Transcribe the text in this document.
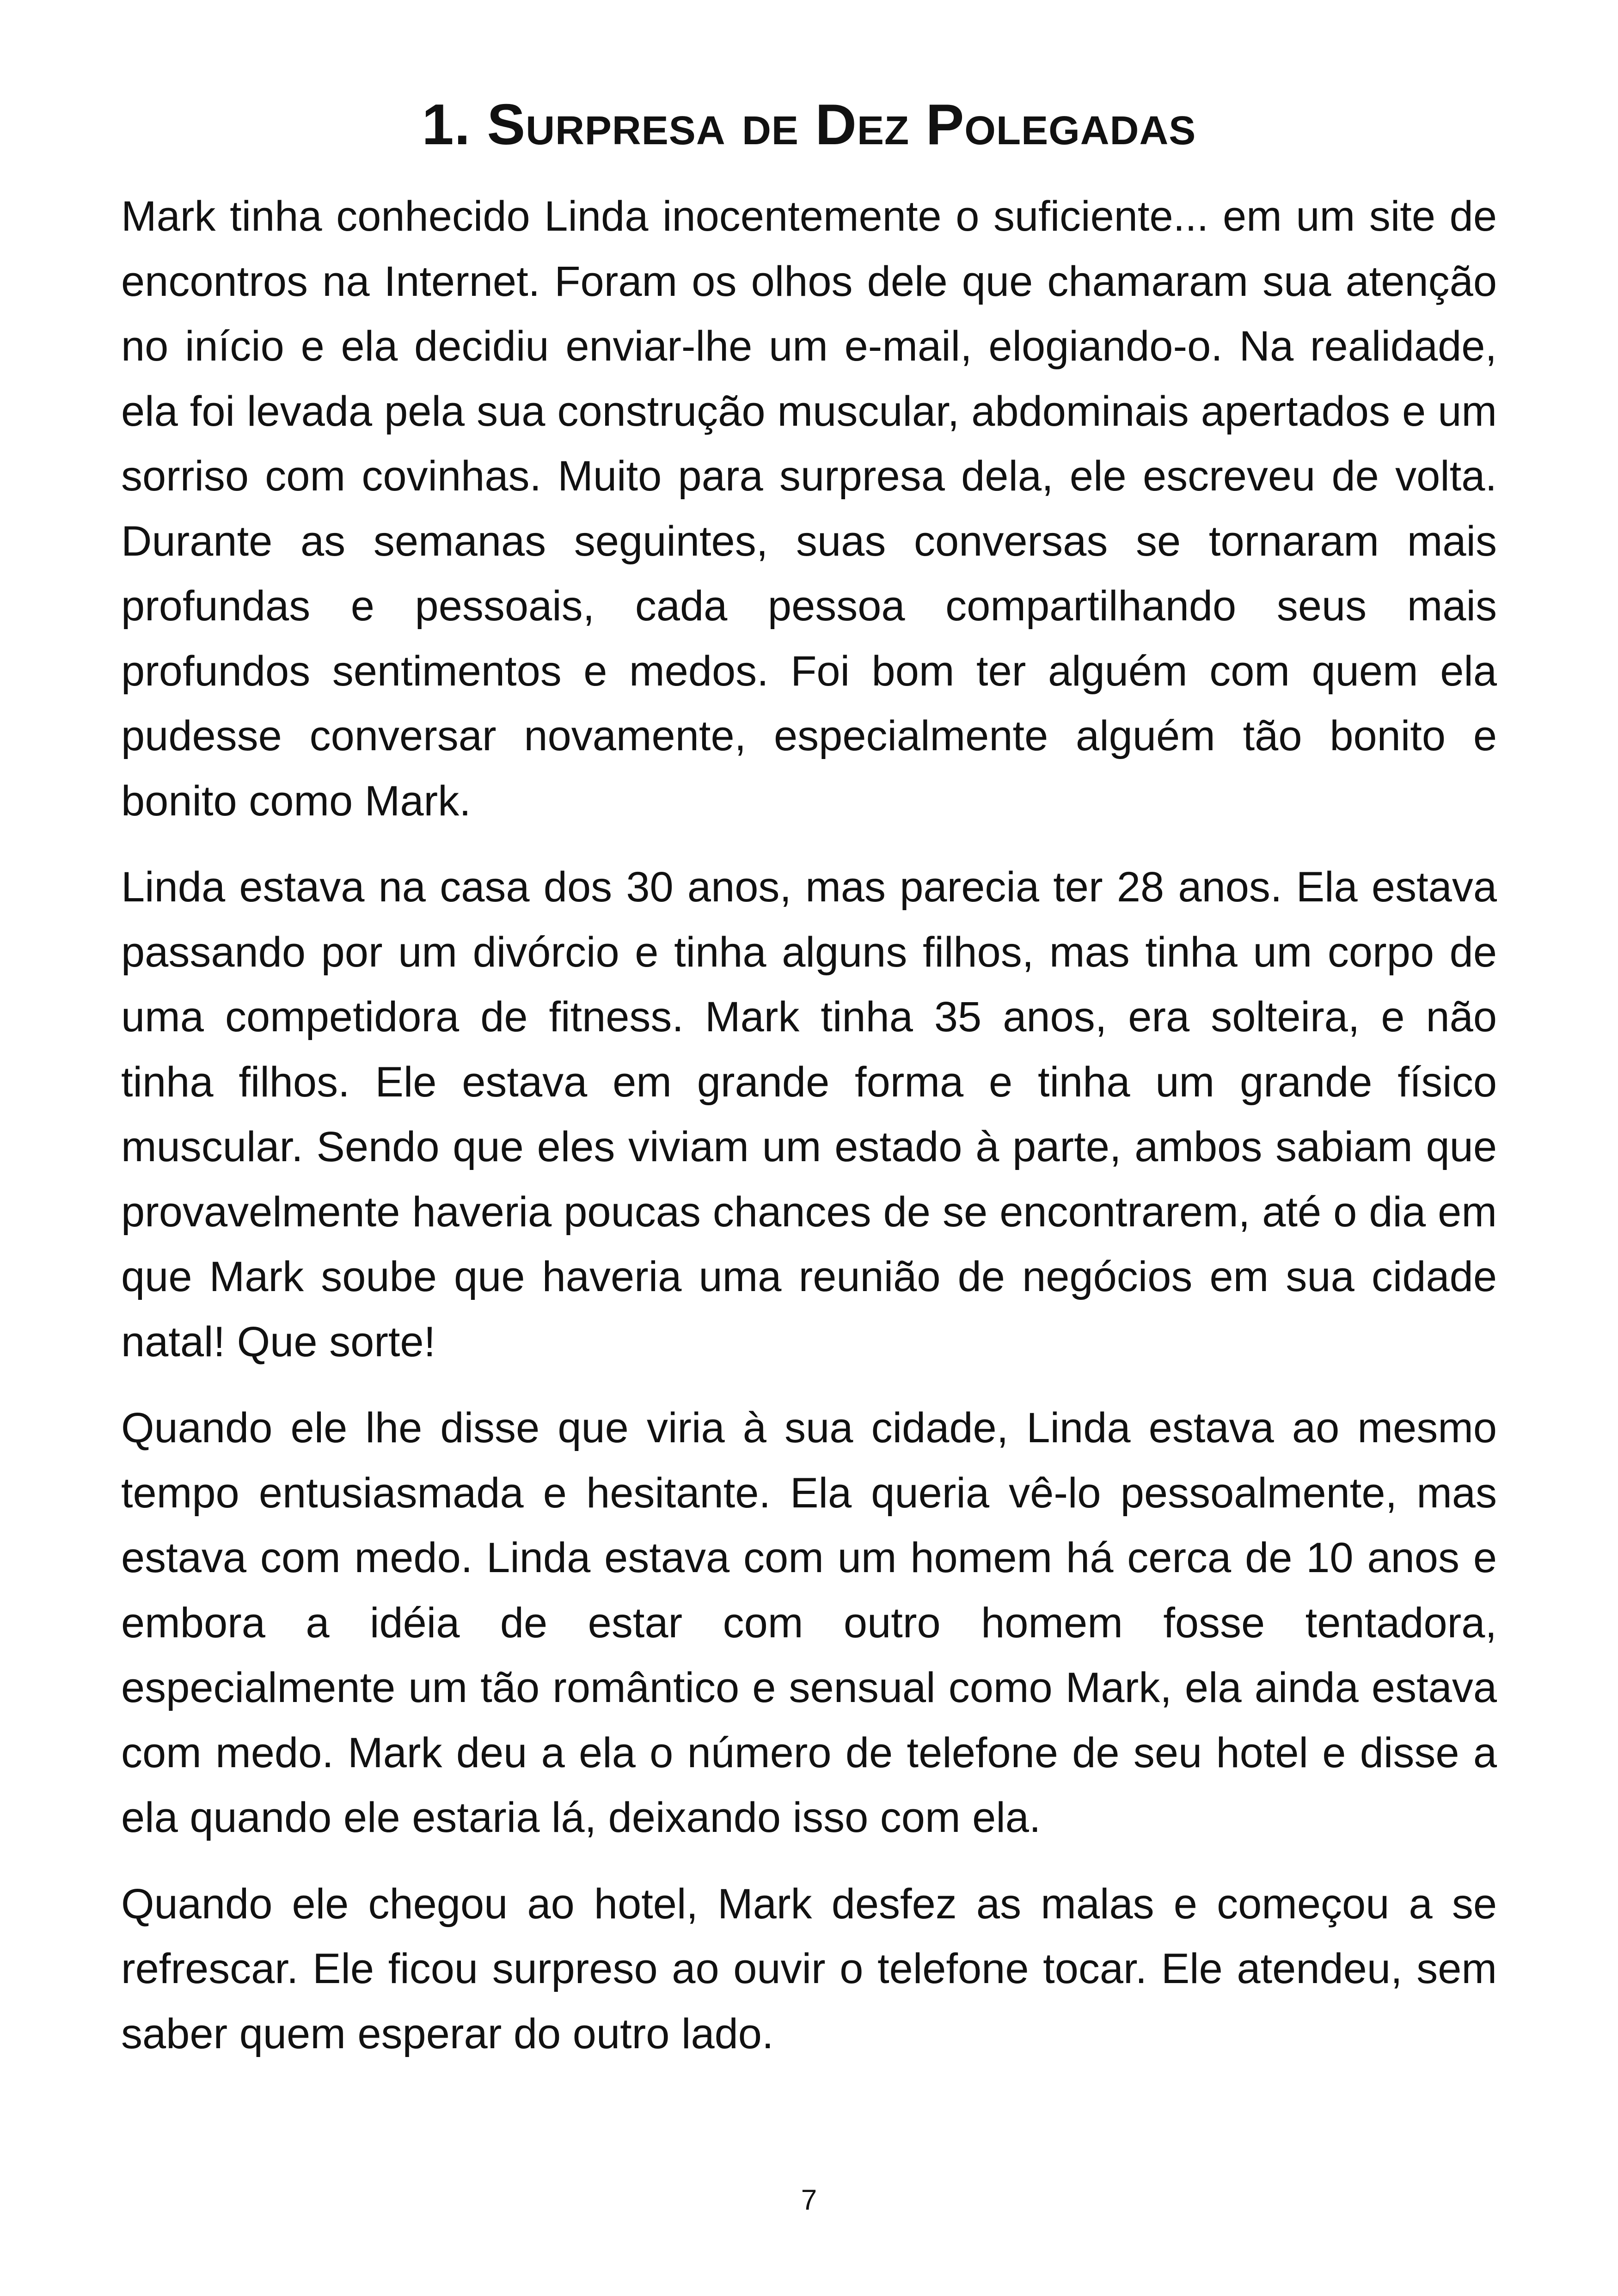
1. Surpresa de Dez Polegadas

Mark tinha conhecido Linda inocentemente o suficiente... em um site de encontros na Internet. Foram os olhos dele que chamaram sua atenção no início e ela decidiu enviar-lhe um e-mail, elogiando-o. Na realidade, ela foi levada pela sua construção muscular, abdominais apertados e um sorriso com covinhas. Muito para surpresa dela, ele escreveu de volta. Durante as semanas seguintes, suas conversas se tornaram mais profundas e pessoais, cada pessoa compartilhando seus mais profundos sentimentos e medos. Foi bom ter alguém com quem ela pudesse conversar novamente, especialmente alguém tão bonito e bonito como Mark.

Linda estava na casa dos 30 anos, mas parecia ter 28 anos. Ela estava passando por um divórcio e tinha alguns filhos, mas tinha um corpo de uma competidora de fitness. Mark tinha 35 anos, era solteira, e não tinha filhos. Ele estava em grande forma e tinha um grande físico muscular. Sendo que eles viviam um estado à parte, ambos sabiam que provavelmente haveria poucas chances de se encontrarem, até o dia em que Mark soube que haveria uma reunião de negócios em sua cidade natal! Que sorte!

Quando ele lhe disse que viria à sua cidade, Linda estava ao mesmo tempo entusiasmada e hesitante. Ela queria vê-lo pessoalmente, mas estava com medo. Linda estava com um homem há cerca de 10 anos e embora a idéia de estar com outro homem fosse tentadora, especialmente um tão romântico e sensual como Mark, ela ainda estava com medo. Mark deu a ela o número de telefone de seu hotel e disse a ela quando ele estaria lá, deixando isso com ela.

Quando ele chegou ao hotel, Mark desfez as malas e começou a se refrescar. Ele ficou surpreso ao ouvir o telefone tocar. Ele atendeu, sem saber quem esperar do outro lado.

7
